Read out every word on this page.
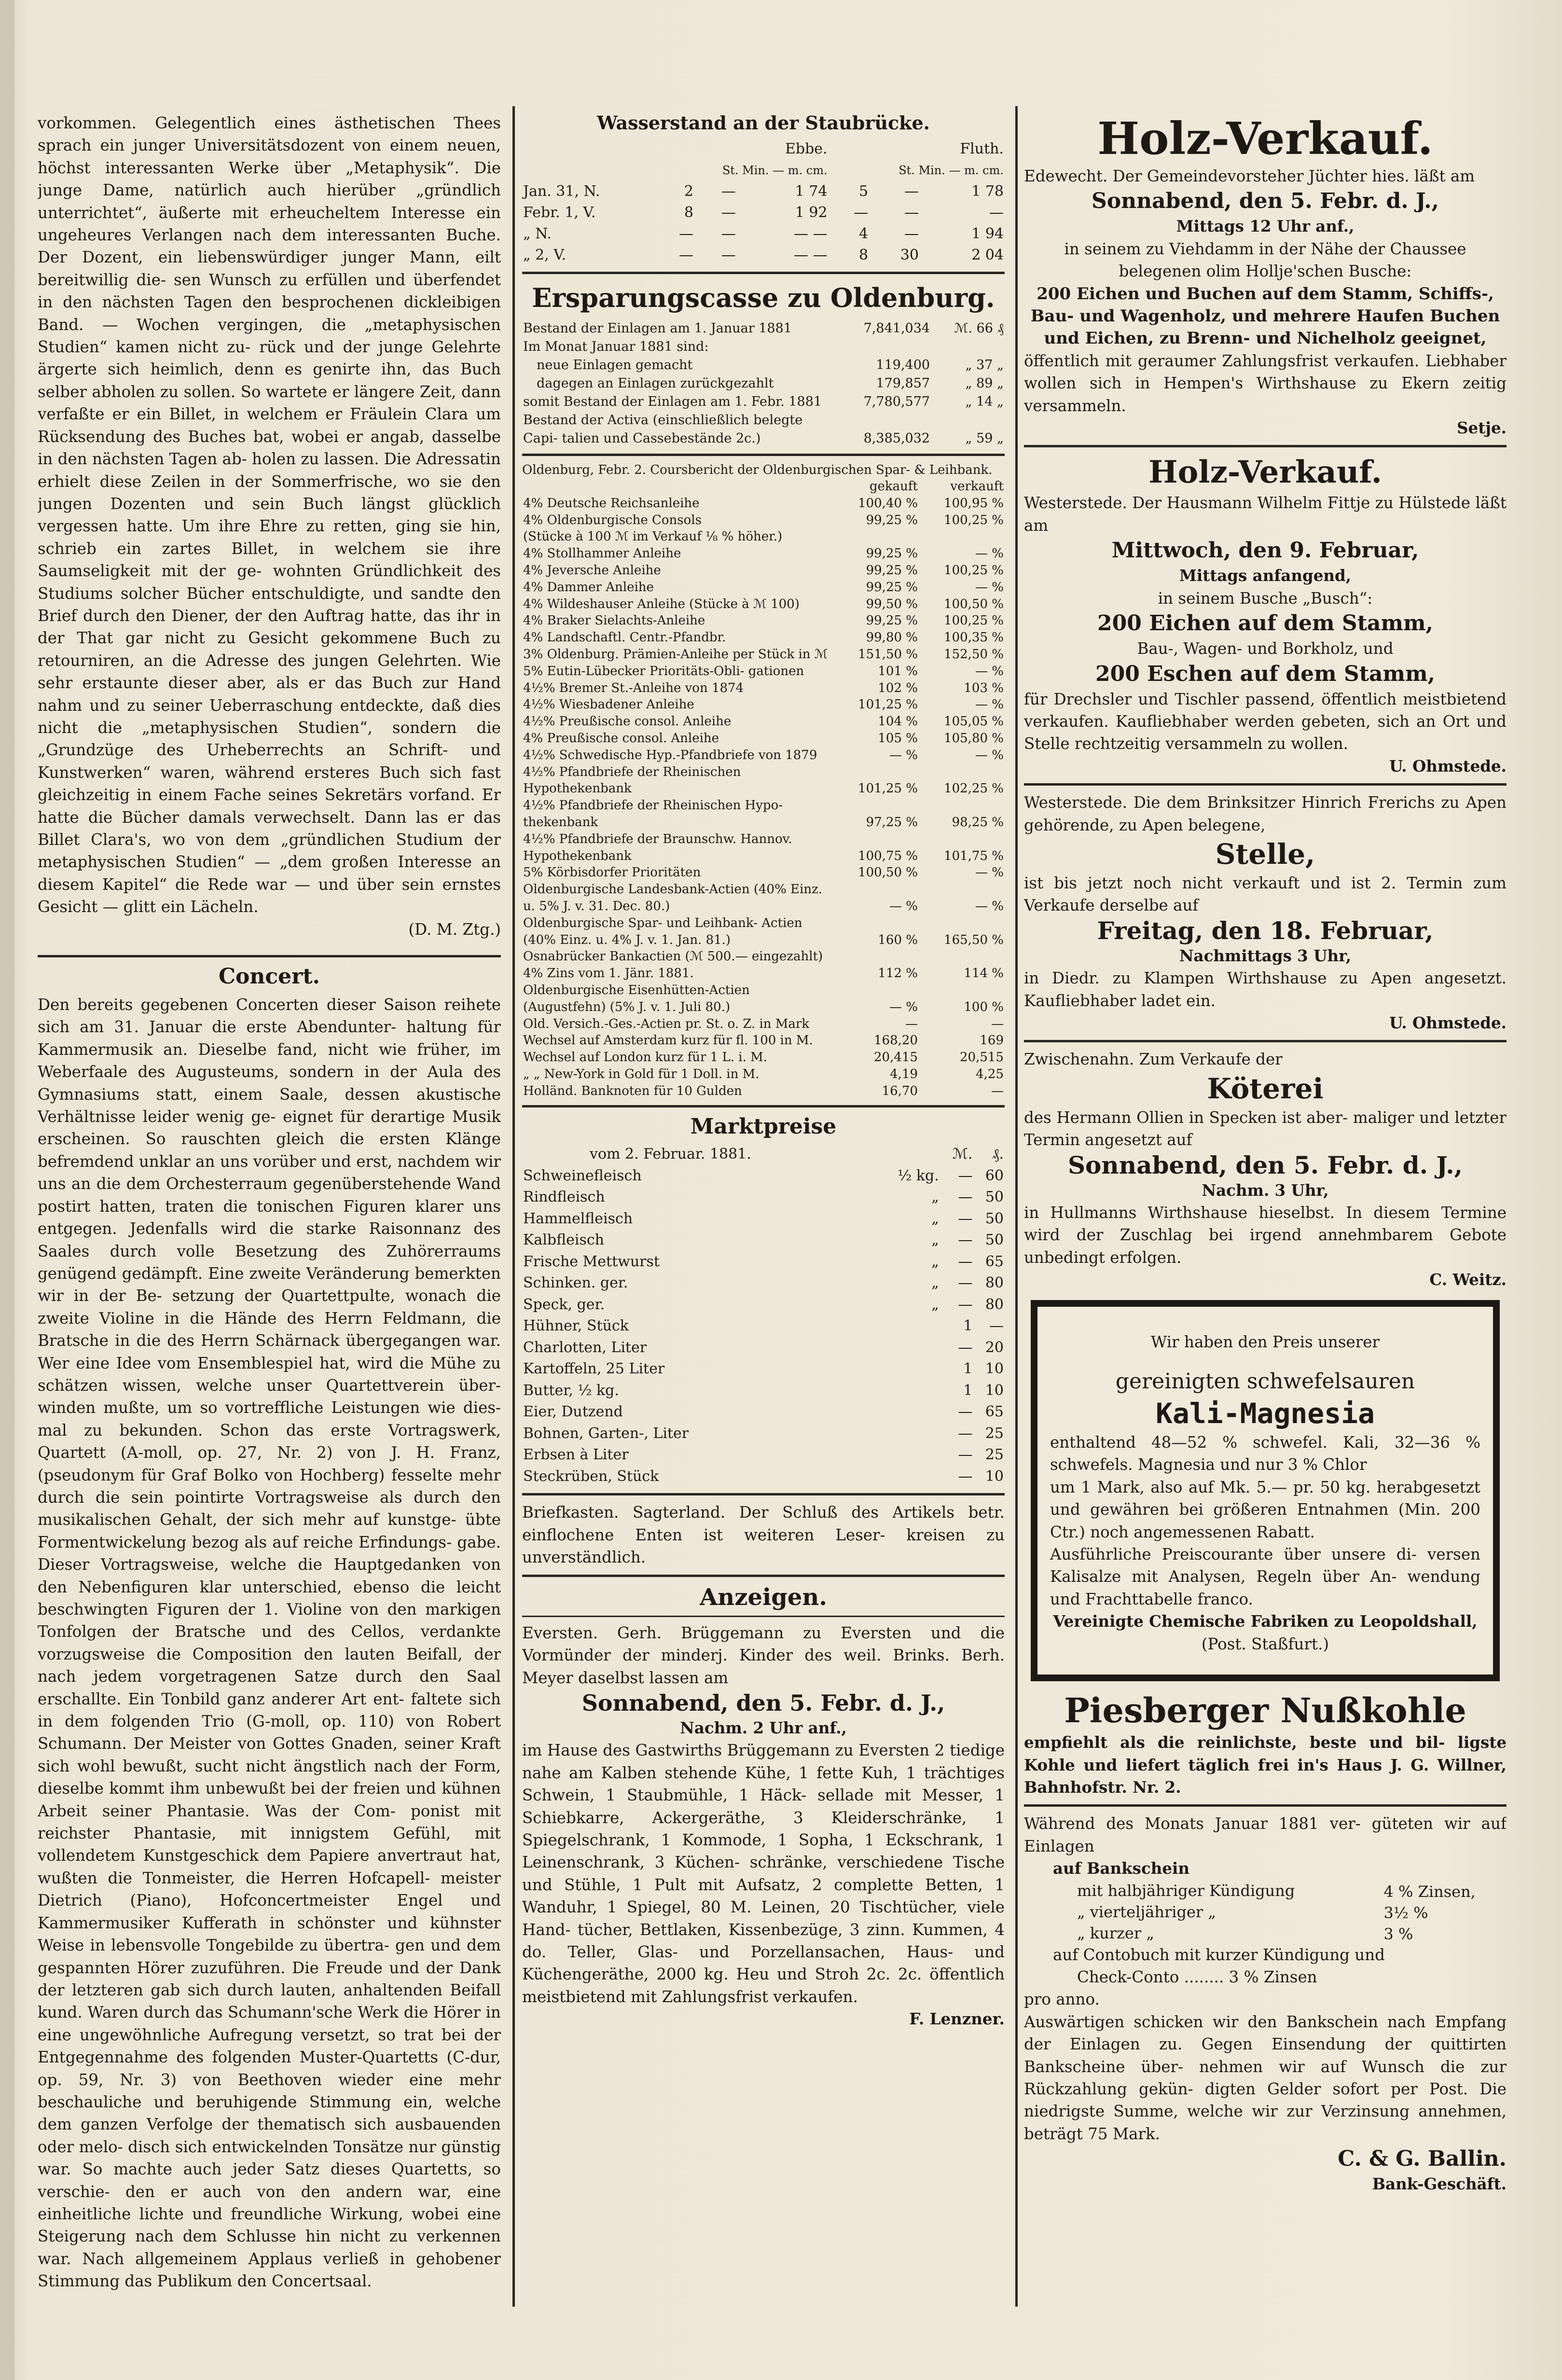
vorkommen. Gelegentlich eines ästhetischen Thees sprach ein junger Universitätsdozent von einem neuen, höchst interessanten Werke über „Metaphysik“. Die junge Dame, natürlich auch hierüber „gründlich unterrichtet“, äußerte mit erheucheltem Interesse ein ungeheures Verlangen nach dem interessanten Buche. Der Dozent, ein liebenswürdiger junger Mann, eilt bereitwillig die- sen Wunsch zu erfüllen und überfendet in den nächsten Tagen den besprochenen dickleibigen Band. — Wochen vergingen, die „metaphysischen Studien“ kamen nicht zu- rück und der junge Gelehrte ärgerte sich heimlich, denn es genirte ihn, das Buch selber abholen zu sollen. So wartete er längere Zeit, dann verfaßte er ein Billet, in welchem er Fräulein Clara um Rücksendung des Buches bat, wobei er angab, dasselbe in den nächsten Tagen ab- holen zu lassen. Die Adressatin erhielt diese Zeilen in der Sommerfrische, wo sie den jungen Dozenten und sein Buch längst glücklich vergessen hatte. Um ihre Ehre zu retten, ging sie hin, schrieb ein zartes Billet, in welchem sie ihre Saumseligkeit mit der ge- wohnten Gründlichkeit des Studiums solcher Bücher entschuldigte, und sandte den Brief durch den Diener, der den Auftrag hatte, das ihr in der That gar nicht zu Gesicht gekommene Buch zu retourniren, an die Adresse des jungen Gelehrten. Wie sehr erstaunte dieser aber, als er das Buch zur Hand nahm und zu seiner Ueberraschung entdeckte, daß dies nicht die „metaphysischen Studien“, sondern die „Grundzüge des Urheberrechts an Schrift- und Kunstwerken“ waren, während ersteres Buch sich fast gleichzeitig in einem Fache seines Sekretärs vorfand. Er hatte die Bücher damals verwechselt. Dann las er das Billet Clara's, wo von dem „gründlichen Studium der metaphysischen Studien“ — „dem großen Interesse an diesem Kapitel“ die Rede war — und über sein ernstes Gesicht — glitt ein Lächeln.

(D. M. Ztg.)

Concert.

Den bereits gegebenen Concerten dieser Saison reihete sich am 31. Januar die erste Abendunter- haltung für Kammermusik an. Dieselbe fand, nicht wie früher, im Weberfaale des Augusteums, sondern in der Aula des Gymnasiums statt, einem Saale, dessen akustische Verhältnisse leider wenig ge- eignet für derartige Musik erscheinen. So rauschten gleich die ersten Klänge befremdend unklar an uns vorüber und erst, nachdem wir uns an die dem Orchesterraum gegenüberstehende Wand postirt hatten, traten die tonischen Figuren klarer uns entgegen. Jedenfalls wird die starke Raisonnanz des Saales durch volle Besetzung des Zuhörerraums genügend gedämpft. Eine zweite Veränderung bemerkten wir in der Be- setzung der Quartettpulte, wonach die zweite Violine in die Hände des Herrn Feldmann, die Bratsche in die des Herrn Schärnack übergegangen war. Wer eine Idee vom Ensemblespiel hat, wird die Mühe zu schätzen wissen, welche unser Quartettverein über- winden mußte, um so vortreffliche Leistungen wie dies- mal zu bekunden. Schon das erste Vortragswerk, Quartett (A-moll, op. 27, Nr. 2) von J. H. Franz, (pseudonym für Graf Bolko von Hochberg) fesselte mehr durch die sein pointirte Vortragsweise als durch den musikalischen Gehalt, der sich mehr auf kunstge- übte Formentwickelung bezog als auf reiche Erfindungs- gabe. Dieser Vortragsweise, welche die Hauptgedanken von den Nebenfiguren klar unterschied, ebenso die leicht beschwingten Figuren der 1. Violine von den markigen Tonfolgen der Bratsche und des Cellos, verdankte vorzugsweise die Composition den lauten Beifall, der nach jedem vorgetragenen Satze durch den Saal erschallte. Ein Tonbild ganz anderer Art ent- faltete sich in dem folgenden Trio (G-moll, op. 110) von Robert Schumann. Der Meister von Gottes Gnaden, seiner Kraft sich wohl bewußt, sucht nicht ängstlich nach der Form, dieselbe kommt ihm unbewußt bei der freien und kühnen Arbeit seiner Phantasie. Was der Com- ponist mit reichster Phantasie, mit innigstem Gefühl, mit vollendetem Kunstgeschick dem Papiere anvertraut hat, wußten die Tonmeister, die Herren Hofcapell- meister Dietrich (Piano), Hofconcertmeister Engel und Kammermusiker Kufferath in schönster und kühnster Weise in lebensvolle Tongebilde zu übertra- gen und dem gespannten Hörer zuzuführen. Die Freude und der Dank der letzteren gab sich durch lauten, anhaltenden Beifall kund. Waren durch das Schumann'sche Werk die Hörer in eine ungewöhnliche Aufregung versetzt, so trat bei der Entgegennahme des folgenden Muster-Quartetts (C-dur, op. 59, Nr. 3) von Beethoven wieder eine mehr beschauliche und beruhigende Stimmung ein, welche dem ganzen Verfolge der thematisch sich ausbauenden oder melo- disch sich entwickelnden Tonsätze nur günstig war. So machte auch jeder Satz dieses Quartetts, so verschie- den er auch von den andern war, eine einheitliche lichte und freundliche Wirkung, wobei eine Steigerung nach dem Schlusse hin nicht zu verkennen war. Nach allgemeinem Applaus verließ in gehobener Stimmung das Publikum den Concertsaal.

Wasserstand an der Staubrücke.

	Ebbe.			Fluth.		
	St. Min. — m. cm.			St. Min. — m. cm.		
Jan. 31, N.	2	—	1 74	5	—	1 78
Febr. 1, V.	8	—	1 92	—	—	—
„ N.	—	—	— —	4	—	1 94
„ 2, V.	—	—	— —	8	30	2 04

Ersparungscasse zu Oldenburg.

Bestand der Einlagen am 1. Januar 1881	7,841,034	ℳ. 66 ₰
Im Monat Januar 1881 sind:		
neue Einlagen gemacht	119,400	„ 37 „
dagegen an Einlagen zurückgezahlt	179,857	„ 89 „
somit Bestand der Einlagen am 1. Febr. 1881	7,780,577	„ 14 „
Bestand der Activa (einschließlich belegte Capi- talien und Cassebestände 2c.)	8,385,032	„ 59 „

Oldenburg, Febr. 2. Coursbericht der Oldenburgischen Spar- & Leihbank.

	gekauft	verkauft
4% Deutsche Reichsanleihe	100,40 %	100,95 %
4% Oldenburgische Consols	99,25 %	100,25 %
(Stücke à 100 ℳ im Verkauf ⅛ % höher.)		
4% Stollhammer Anleihe	99,25 %	— %
4% Jeversche Anleihe	99,25 %	100,25 %
4% Dammer Anleihe	99,25 %	— %
4% Wildeshauser Anleihe (Stücke à ℳ 100)	99,50 %	100,50 %
4% Braker Sielachts-Anleihe	99,25 %	100,25 %
4% Landschaftl. Centr.-Pfandbr.	99,80 %	100,35 %
3% Oldenburg. Prämien-Anleihe per Stück in ℳ	151,50 %	152,50 %
5% Eutin-Lübecker Prioritäts-Obli- gationen	101 %	— %
4½% Bremer St.-Anleihe von 1874	102 %	103 %
4½% Wiesbadener Anleihe	101,25 %	— %
4½% Preußische consol. Anleihe	104 %	105,05 %
4% Preußische consol. Anleihe	105 %	105,80 %
4½% Schwedische Hyp.-Pfandbriefe von 1879	— %	— %
4½% Pfandbriefe der Rheinischen Hypothekenbank	101,25 %	102,25 %
4½% Pfandbriefe der Rheinischen Hypo- thekenbank	97,25 %	98,25 %
4½% Pfandbriefe der Braunschw. Hannov. Hypothekenbank	100,75 %	101,75 %
5% Körbisdorfer Prioritäten	100,50 %	— %
Oldenburgische Landesbank-Actien (40% Einz. u. 5% J. v. 31. Dec. 80.)	— %	— %
Oldenburgische Spar- und Leihbank- Actien (40% Einz. u. 4% J. v. 1. Jan. 81.)	160 %	165,50 %
Osnabrücker Bankactien (ℳ 500.— eingezahlt) 4% Zins vom 1. Jänr. 1881.	112 %	114 %
Oldenburgische Eisenhütten-Actien (Augustfehn) (5% J. v. 1. Juli 80.)	— %	100 %
Old. Versich.-Ges.-Actien pr. St. o. Z. in Mark	—	—
Wechsel auf Amsterdam kurz für fl. 100 in M.	168,20	169
Wechsel auf London kurz für 1 L. i. M.	20,415	20,515
„ „ New-York in Gold für 1 Doll. in M.	4,19	4,25
Holländ. Banknoten für 10 Gulden	16,70	—

Marktpreise

vom 2. Februar. 1881.		ℳ.	₰.
Schweinefleisch	½ kg.	—	60
Rindfleisch	„	—	50
Hammelfleisch	„	—	50
Kalbfleisch	„	—	50
Frische Mettwurst	„	—	65
Schinken. ger.	„	—	80
Speck, ger.	„	—	80
Hühner, Stück		1	—
Charlotten, Liter		—	20
Kartoffeln, 25 Liter		1	10
Butter, ½ kg.		1	10
Eier, Dutzend		—	65
Bohnen, Garten-, Liter		—	25
Erbsen à Liter		—	25
Steckrüben, Stück		—	10

Briefkasten. Sagterland. Der Schluß des Artikels betr. einflochene Enten ist weiteren Leser- kreisen zu unverständlich.

Anzeigen.

Eversten. Gerh. Brüggemann zu Eversten und die Vormünder der minderj. Kinder des weil. Brinks. Berh. Meyer daselbst lassen am

Sonnabend, den 5. Febr. d. J.,

Nachm. 2 Uhr anf.,

im Hause des Gastwirths Brüggemann zu Eversten 2 tiedige nahe am Kalben stehende Kühe, 1 fette Kuh, 1 trächtiges Schwein, 1 Staubmühle, 1 Häck- sellade mit Messer, 1 Schiebkarre, Ackergeräthe, 3 Kleiderschränke, 1 Spiegelschrank, 1 Kommode, 1 Sopha, 1 Eckschrank, 1 Leinenschrank, 3 Küchen- schränke, verschiedene Tische und Stühle, 1 Pult mit Aufsatz, 2 complette Betten, 1 Wanduhr, 1 Spiegel, 80 M. Leinen, 20 Tischtücher, viele Hand- tücher, Bettlaken, Kissenbezüge, 3 zinn. Kummen, 4 do. Teller, Glas- und Porzellansachen, Haus- und Küchengeräthe, 2000 kg. Heu und Stroh 2c. 2c. öffentlich meistbietend mit Zahlungsfrist verkaufen.

F. Lenzner.

Holz-Verkauf.

Edewecht. Der Gemeindevorsteher Jüchter hies. läßt am

Sonnabend, den 5. Febr. d. J.,

Mittags 12 Uhr anf.,

in seinem zu Viehdamm in der Nähe der Chaussee belegenen olim Hollje'schen Busche:

200 Eichen und Buchen auf dem Stamm, Schiffs-, Bau- und Wagenholz, und mehrere Haufen Buchen und Eichen, zu Brenn- und Nichelholz geeignet,

öffentlich mit geraumer Zahlungsfrist verkaufen. Liebhaber wollen sich in Hempen's Wirthshause zu Ekern zeitig versammeln.

Setje.

Holz-Verkauf.

Westerstede. Der Hausmann Wilhelm Fittje zu Hülstede läßt am

Mittwoch, den 9. Februar,

Mittags anfangend,

in seinem Busche „Busch“:

200 Eichen auf dem Stamm,

Bau-, Wagen- und Borkholz, und

200 Eschen auf dem Stamm,

für Drechsler und Tischler passend, öffentlich meistbietend verkaufen. Kaufliebhaber werden gebeten, sich an Ort und Stelle rechtzeitig versammeln zu wollen.

U. Ohmstede.

Westerstede. Die dem Brinksitzer Hinrich Frerichs zu Apen gehörende, zu Apen belegene,

Stelle,

ist bis jetzt noch nicht verkauft und ist 2. Termin zum Verkaufe derselbe auf

Freitag, den 18. Februar,

Nachmittags 3 Uhr,

in Diedr. zu Klampen Wirthshause zu Apen angesetzt. Kaufliebhaber ladet ein.

U. Ohmstede.

Zwischenahn. Zum Verkaufe der

Köterei

des Hermann Ollien in Specken ist aber- maliger und letzter Termin angesetzt auf

Sonnabend, den 5. Febr. d. J.,

Nachm. 3 Uhr,

in Hullmanns Wirthshause hieselbst. In diesem Termine wird der Zuschlag bei irgend annehmbarem Gebote unbedingt erfolgen.

C. Weitz.

Wir haben den Preis unserer

gereinigten schwefelsauren

Kali-Magnesia

enthaltend 48—52 % schwefel. Kali, 32—36 % schwefels. Magnesia und nur 3 % Chlor

um 1 Mark, also auf Mk. 5.— pr. 50 kg. herabgesetzt und gewähren bei größeren Entnahmen (Min. 200 Ctr.) noch angemessenen Rabatt.

Ausführliche Preiscourante über unsere di- versen Kalisalze mit Analysen, Regeln über An- wendung und Frachttabelle franco.

Vereinigte Chemische Fabriken zu Leopoldshall,

(Post. Staßfurt.)

Piesberger Nußkohle

empfiehlt als die reinlichste, beste und bil- ligste Kohle und liefert täglich frei in's Haus J. G. Willner, Bahnhofstr. Nr. 2.

Während des Monats Januar 1881 ver- güteten wir auf Einlagen

auf Bankschein

mit halbjähriger Kündigung	4 % Zinsen,
„ vierteljähriger „	3½ %
„ kurzer „	3 %

auf Contobuch mit kurzer Kündigung und

Check-Conto ........ 3 % Zinsen

pro anno.

Auswärtigen schicken wir den Bankschein nach Empfang der Einlagen zu. Gegen Einsendung der quittirten Bankscheine über- nehmen wir auf Wunsch die zur Rückzahlung gekün- digten Gelder sofort per Post. Die niedrigste Summe, welche wir zur Verzinsung annehmen, beträgt 75 Mark.

C. & G. Ballin.

Bank-Geschäft.
